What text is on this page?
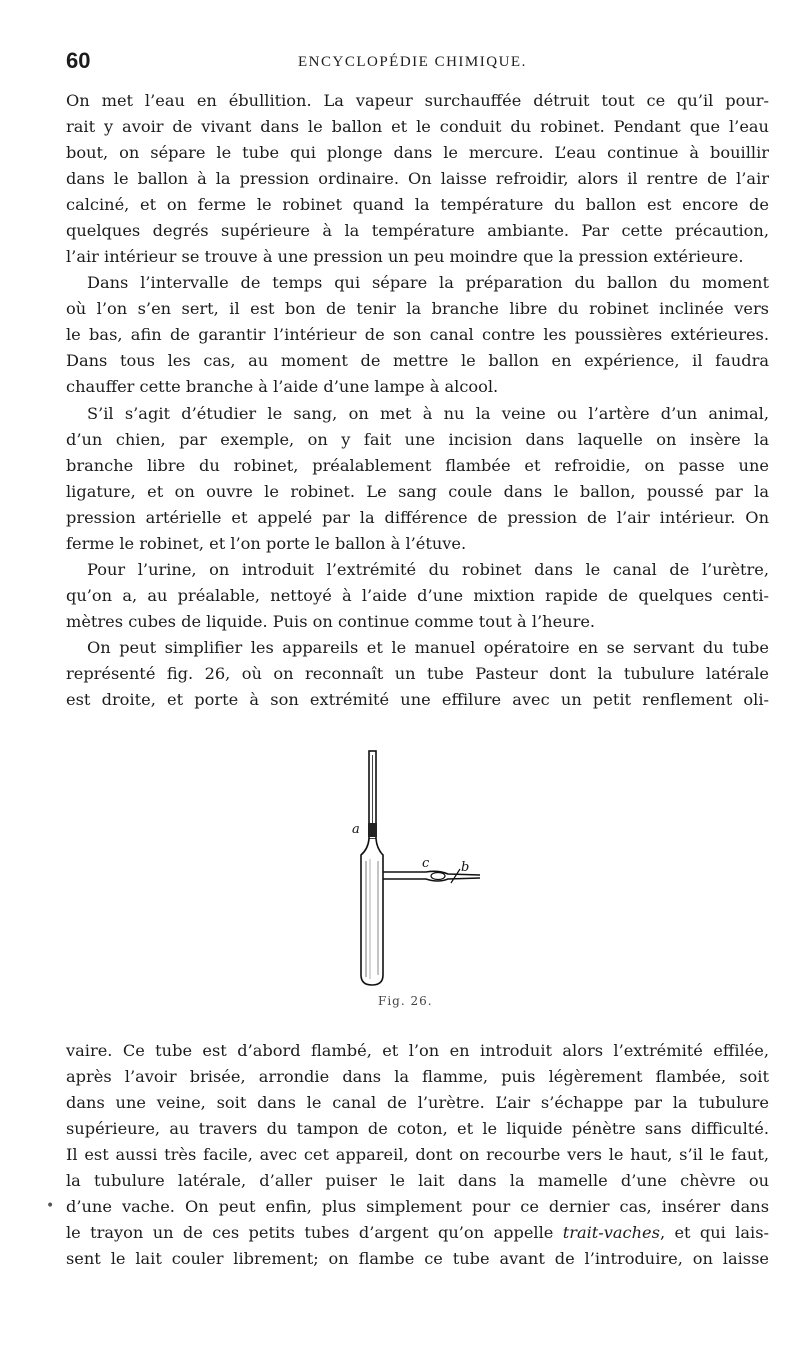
60	ENCYCLOPÉDIE CHIMIQUE.
On met l’eau en ébullition. La vapeur surchauffée détruit tout ce qu’il pour-
rait y avoir de vivant dans le ballon et le conduit du robinet. Pendant que l’eau
bout, on sépare le tube qui plonge dans le mercure. L’eau continue à bouillir
dans le ballon à la pression ordinaire. On laisse refroidir, alors il rentre de l’air
calciné, et on ferme le robinet quand la température du ballon est encore de
quelques degrés supérieure à la température ambiante. Par cette précaution,
l’air intérieur se trouve à une pression un peu moindre que la pression extérieure.
Dans l’intervalle de temps qui sépare la préparation du ballon du moment
où l’on s’en sert, il est bon de tenir la branche libre du robinet inclinée vers
le bas, afin de garantir l’intérieur de son canal contre les poussières extérieures.
Dans tous les cas, au moment de mettre le ballon en expérience, il faudra
chauffer cette branche à l’aide d’une lampe à alcool.
S’il s’agit d’étudier le sang, on met à nu la veine ou l’artère d’un animal,
d’un chien, par exemple, on y fait une incision dans laquelle on insère la
branche libre du robinet, préalablement flambée et refroidie, on passe une
ligature, et on ouvre le robinet. Le sang coule dans le ballon, poussé par la
pression artérielle et appelé par la différence de pression de l’air intérieur. On
ferme le robinet, et l’on porte le ballon à l’étuve.
Pour l’urine, on introduit l’extrémité du robinet dans le canal de l’urètre,
qu’on a, au préalable, nettoyé à l’aide d’une mixtion rapide de quelques centi-
mètres cubes de liquide. Puis on continue comme tout à l’heure.
On peut simplifier les appareils et le manuel opératoire en se servant du tube
représenté fig. 26, où on reconnaît un tube Pasteur dont la tubulure latérale
est droite, et porte à son extrémité une effilure avec un petit renflement oli-
a
c b
Fig. 26.
vaire. Ce tube est d’abord flambé, et l’on en introduit alors l’extrémité effilée,
après l’avoir brisée, arrondie dans la flamme, puis légèrement flambée, soit
dans une veine, soit dans le canal de l’urètre. L’air s’échappe par la tubulure
supérieure, au travers du tampon de coton, et le liquide pénètre sans difficulté.
Il est aussi très facile, avec cet appareil, dont on recourbe vers le haut, s’il le faut,
la tubulure latérale, d’aller puiser le lait dans la mamelle d’une chèvre ou
d’une vache. On peut enfin, plus simplement pour ce dernier cas, insérer dans
le trayon un de ces petits tubes d’argent qu’on appelle trait-vaches, et qui lais-
sent le lait couler librement; on flambe ce tube avant de l’introduire, on laisse
•
